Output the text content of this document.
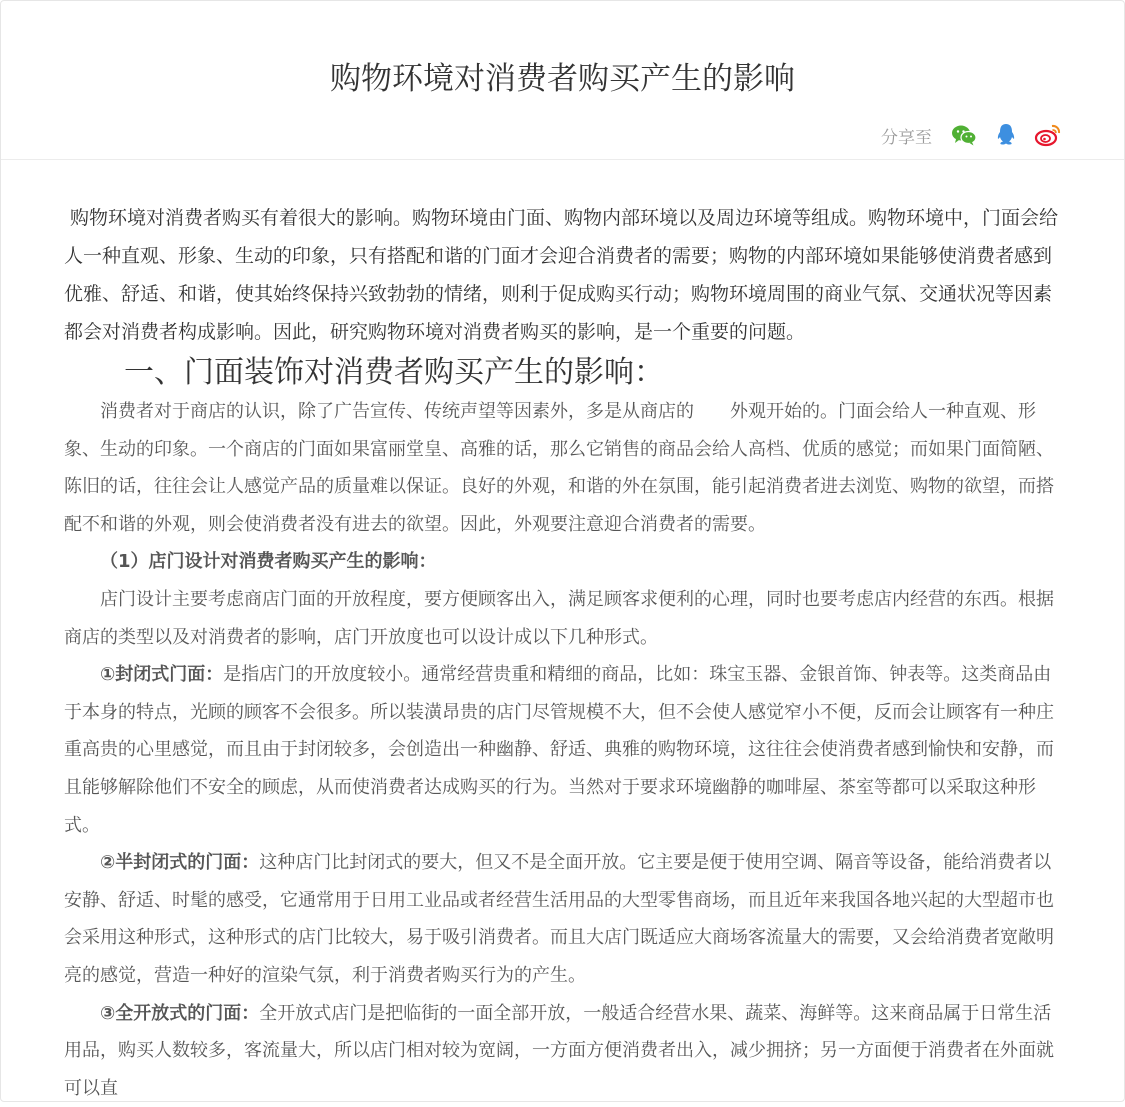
购物环境对消费者购买产生的影响
分享至

购物环境对消费者购买有着很大的影响。购物环境由门面、购物内部环境以及周边环境等组成。购物环境中，门面会给人一种直观、形象、生动的印象，只有搭配和谐的门面才会迎合消费者的需要；购物的内部环境如果能够使消费者感到优雅、舒适、和谐，使其始终保持兴致勃勃的情绪，则利于促成购买行动；购物环境周围的商业气氛、交通状况等因素都会对消费者构成影响。因此，研究购物环境对消费者购买的影响，是一个重要的问题。

一、门面装饰对消费者购买产生的影响：

消费者对于商店的认识，除了广告宣传、传统声望等因素外，多是从商店的　　外观开始的。门面会给人一种直观、形象、生动的印象。一个商店的门面如果富丽堂皇、高雅的话，那么它销售的商品会给人高档、优质的感觉；而如果门面简陋、陈旧的话，往往会让人感觉产品的质量难以保证。良好的外观，和谐的外在氛围，能引起消费者进去浏览、购物的欲望，而搭配不和谐的外观，则会使消费者没有进去的欲望。因此，外观要注意迎合消费者的需要。

（1）店门设计对消费者购买产生的影响：

店门设计主要考虑商店门面的开放程度，要方便顾客出入，满足顾客求便利的心理，同时也要考虑店内经营的东西。根据商店的类型以及对消费者的影响，店门开放度也可以设计成以下几种形式。

①封闭式门面：是指店门的开放度较小。通常经营贵重和精细的商品，比如：珠宝玉器、金银首饰、钟表等。这类商品由于本身的特点，光顾的顾客不会很多。所以装潢昂贵的店门尽管规模不大，但不会使人感觉窄小不便，反而会让顾客有一种庄重高贵的心里感觉，而且由于封闭较多，会创造出一种幽静、舒适、典雅的购物环境，这往往会使消费者感到愉快和安静，而且能够解除他们不安全的顾虑，从而使消费者达成购买的行为。当然对于要求环境幽静的咖啡屋、茶室等都可以采取这种形式。

②半封闭式的门面：这种店门比封闭式的要大，但又不是全面开放。它主要是便于使用空调、隔音等设备，能给消费者以安静、舒适、时髦的感受，它通常用于日用工业品或者经营生活用品的大型零售商场，而且近年来我国各地兴起的大型超市也会采用这种形式，这种形式的店门比较大，易于吸引消费者。而且大店门既适应大商场客流量大的需要，又会给消费者宽敞明亮的感觉，营造一种好的渲染气氛，利于消费者购买行为的产生。

③全开放式的门面：全开放式店门是把临街的一面全部开放，一般适合经营水果、蔬菜、海鲜等。这来商品属于日常生活用品，购买人数较多，客流量大，所以店门相对较为宽阔，一方面方便消费者出入，减少拥挤；另一方面便于消费者在外面就可以直
